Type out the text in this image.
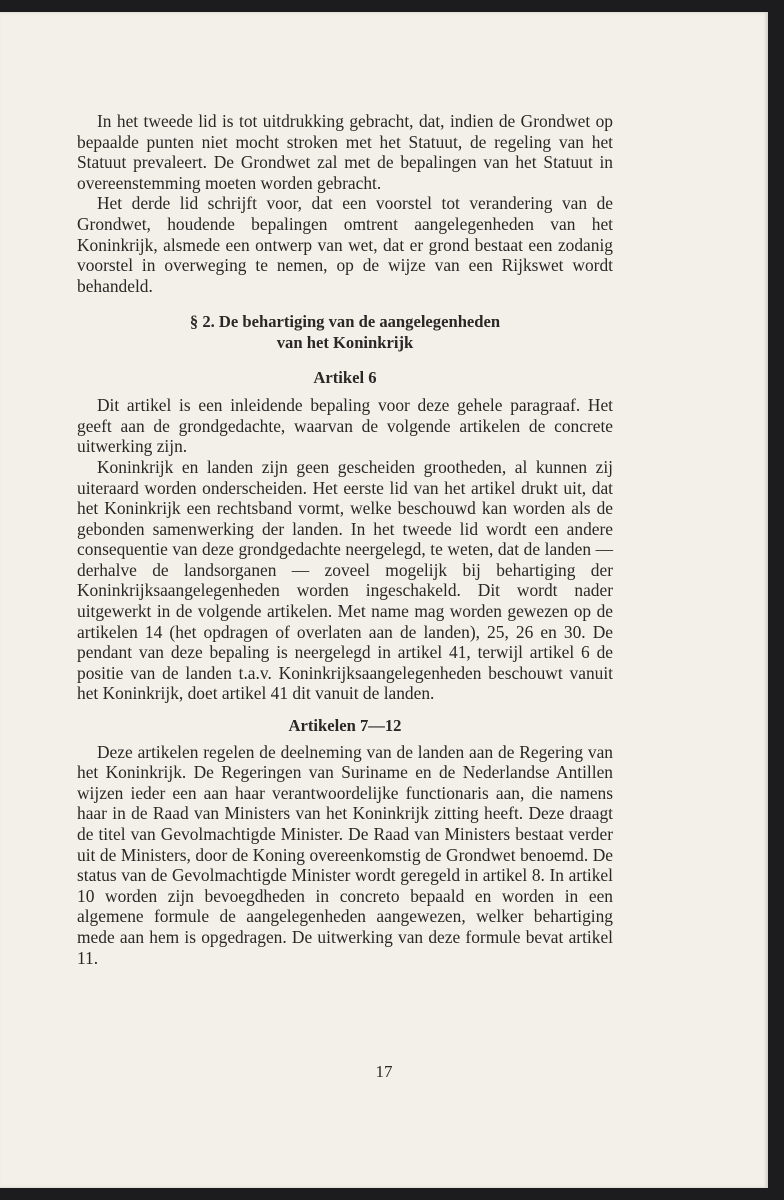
In het tweede lid is tot uitdrukking gebracht, dat, indien de Grondwet op bepaalde punten niet mocht stroken met het Statuut, de regeling van het Statuut prevaleert. De Grondwet zal met de bepalingen van het Statuut in overeenstemming moeten worden gebracht.

Het derde lid schrijft voor, dat een voorstel tot verandering van de Grondwet, houdende bepalingen omtrent aangelegenheden van het Koninkrijk, alsmede een ontwerp van wet, dat er grond bestaat een zodanig voorstel in overweging te nemen, op de wijze van een Rijkswet wordt behandeld.

§ 2. De behartiging van de aangelegenheden
van het Koninkrijk
Artikel 6

Dit artikel is een inleidende bepaling voor deze gehele paragraaf. Het geeft aan de grondgedachte, waarvan de volgende artikelen de concrete uitwerking zijn.

Koninkrijk en landen zijn geen gescheiden grootheden, al kunnen zij uiteraard worden onderscheiden. Het eerste lid van het artikel drukt uit, dat het Koninkrijk een rechtsband vormt, welke beschouwd kan worden als de gebonden samenwerking der landen. In het tweede lid wordt een andere consequentie van deze grondgedachte neergelegd, te weten, dat de landen — derhalve de landsorganen — zoveel mogelijk bij behartiging der Koninkrijksaangelegenheden worden ingeschakeld. Dit wordt nader uitgewerkt in de volgende artikelen. Met name mag worden gewezen op de artikelen 14 (het opdragen of overlaten aan de landen), 25, 26 en 30. De pendant van deze bepaling is neergelegd in artikel 41, terwijl artikel 6 de positie van de landen t.a.v. Koninkrijksaangelegenheden beschouwt vanuit het Koninkrijk, doet artikel 41 dit vanuit de landen.

Artikelen 7—12

Deze artikelen regelen de deelneming van de landen aan de Regering van het Koninkrijk. De Regeringen van Suriname en de Nederlandse Antillen wijzen ieder een aan haar verantwoordelijke functionaris aan, die namens haar in de Raad van Ministers van het Koninkrijk zitting heeft. Deze draagt de titel van Gevolmachtigde Minister. De Raad van Ministers bestaat verder uit de Ministers, door de Koning overeenkomstig de Grondwet benoemd. De status van de Gevolmachtigde Minister wordt geregeld in artikel 8. In artikel 10 worden zijn bevoegdheden in concreto bepaald en worden in een algemene formule de aangelegenheden aangewezen, welker behartiging mede aan hem is opgedragen. De uitwerking van deze formule bevat artikel 11.

17
